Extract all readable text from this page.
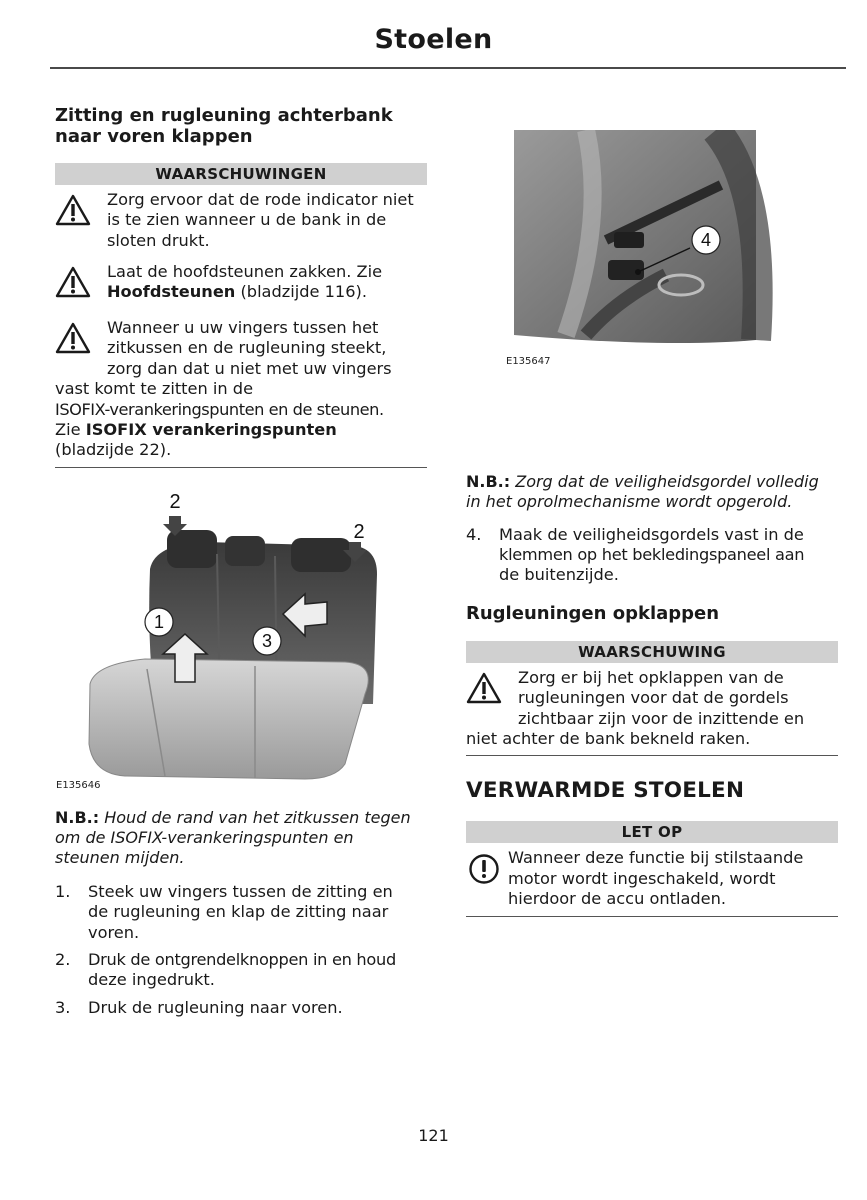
Stoelen
Zitting en rugleuning achterbank
naar voren klappen
WAARSCHUWINGEN
Zorg ervoor dat de rode indicator niet
is te zien wanneer u de bank in de
sloten drukt.
Laat de hoofdsteunen zakken. Zie
Hoofdsteunen (bladzijde 116).
Wanneer u uw vingers tussen het
zitkussen en de rugleuning steekt,
zorg dan dat u niet met uw vingers
vast komt te zitten in de
ISOFIX-verankeringspunten en de steunen.
Zie ISOFIX verankeringspunten
(bladzijde 22).
1
3
2
2
E135646
N.B.: Houd de rand van het zitkussen tegen
om de ISOFIX-verankeringspunten en
steunen mijden.
1. Steek uw vingers tussen de zitting en
de rugleuning en klap de zitting naar
voren.
2. Druk de ontgrendelknoppen in en houd
deze ingedrukt.
3. Druk de rugleuning naar voren.
4
E135647
N.B.: Zorg dat de veiligheidsgordel volledig
in het oprolmechanisme wordt opgerold.
4. Maak de veiligheidsgordels vast in de
klemmen op het bekledingspaneel aan
de buitenzijde.
Rugleuningen opklappen
WAARSCHUWING
Zorg er bij het opklappen van de
rugleuningen voor dat de gordels
zichtbaar zijn voor de inzittende en
niet achter de bank bekneld raken.
VERWARMDE STOELEN
LET OP
Wanneer deze functie bij stilstaande
motor wordt ingeschakeld, wordt
hierdoor de accu ontladen.
121
